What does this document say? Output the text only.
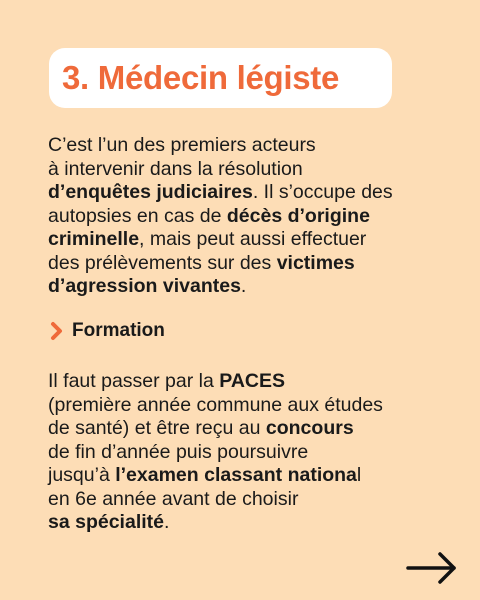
3. Médecin légiste

C’est l’un des premiers acteurs
à intervenir dans la résolution
d’enquêtes judiciaires. Il s’occupe des
autopsies en cas de décès d’origine
criminelle, mais peut aussi effectuer
des prélèvements sur des victimes
d’agression vivantes.

Formation

Il faut passer par la PACES
(première année commune aux études
de santé) et être reçu au concours
de fin d’année puis poursuivre
jusqu’à l’examen classant national
en 6e année avant de choisir
sa spécialité.
